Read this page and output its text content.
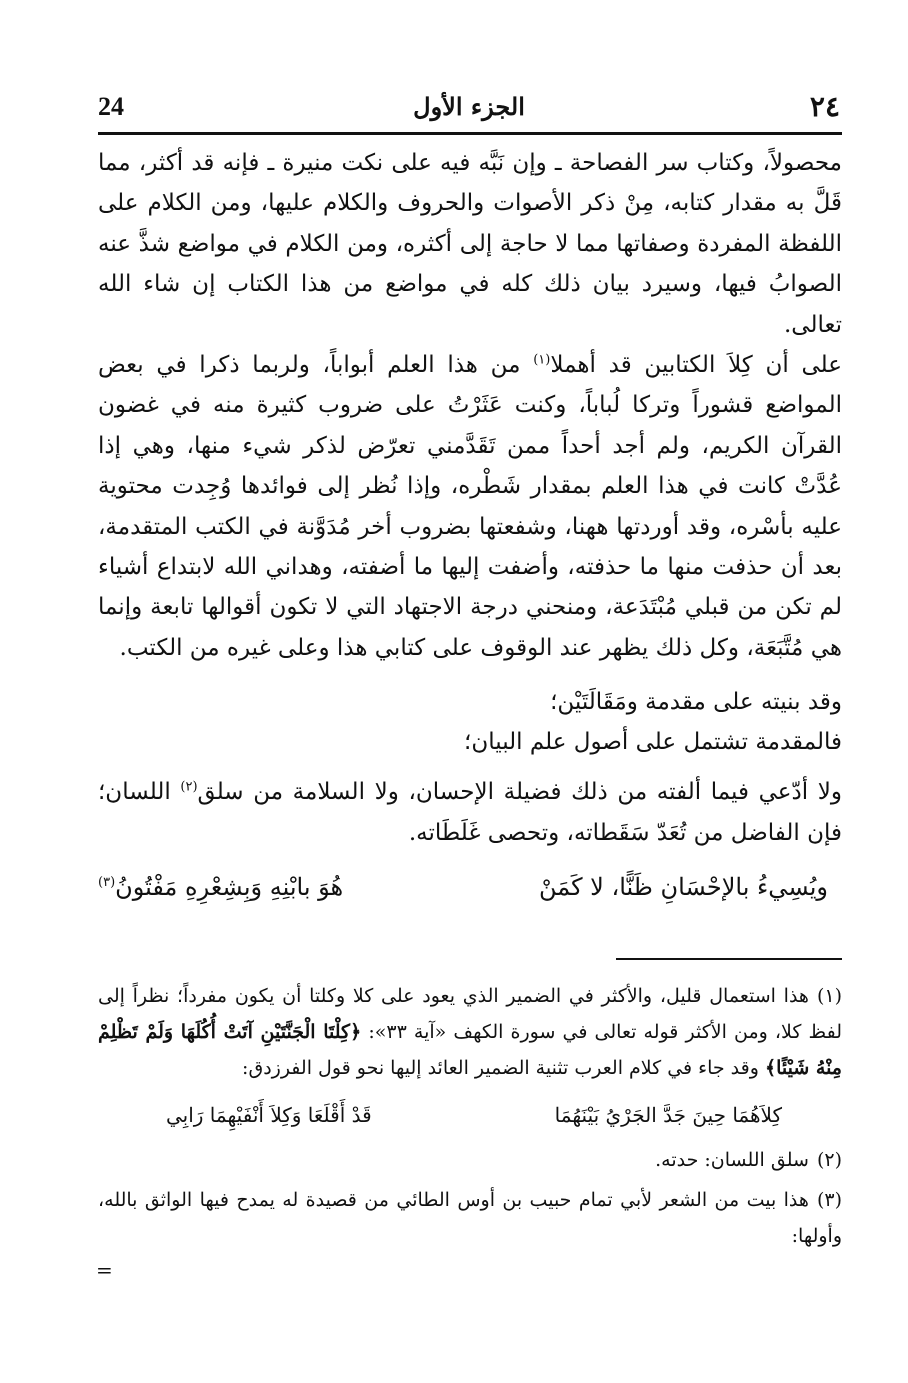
٢٤
الجزء الأول
24

محصولاً، وكتاب سر الفصاحة ـ وإن نَبَّه فيه على نكت منيرة ـ فإنه قد أكثر، مما قَلَّ به مقدار كتابه، مِنْ ذكر الأصوات والحروف والكلام عليها، ومن الكلام على اللفظة المفردة وصفاتها مما لا حاجة إلى أكثره، ومن الكلام في مواضع شذَّ عنه الصوابُ فيها، وسيرد بيان ذلك كله في مواضع من هذا الكتاب إن شاء الله تعالى.

على أن كِلاَ الكتابين قد أهملا$^{(١)}$ من هذا العلم أبواباً، ولربما ذكرا في بعض المواضع قشوراً وتركا لُباباً، وكنت عَثَرْتُ على ضروب كثيرة منه في غضون القرآن الكريم، ولم أجد أحداً ممن تَقَدَّمني تعرّض لذكر شيء منها، وهي إذا عُدَّتْ كانت في هذا العلم بمقدار شَطْره، وإذا نُظر إلى فوائدها وُجِدت محتوية عليه بأسْره، وقد أوردتها ههنا، وشفعتها بضروب أخر مُدَوَّنة في الكتب المتقدمة، بعد أن حذفت منها ما حذفته، وأضفت إليها ما أضفته، وهداني الله لابتداع أشياء لم تكن من قبلي مُبْتَدَعة، ومنحني درجة الاجتهاد التي لا تكون أقوالها تابعة وإنما هي مُتَّبَعَة، وكل ذلك يظهر عند الوقوف على كتابي هذا وعلى غيره من الكتب.

وقد بنيته على مقدمة ومَقَالَتَيْن؛

فالمقدمة تشتمل على أصول علم البيان؛

ولا أدّعي فيما ألفته من ذلك فضيلة الإحسان، ولا السلامة من سلق$^{(٢)}$ اللسان؛ فإن الفاضل من تُعَدّ سَقَطاته، وتحصى غَلَطَاته.

ويُسِيءُ بالإحْسَانِ ظَنًّا، لا كَمَنْ
هُوَ بابْنِهِ وَبِشِعْرِهِ مَفْتُونُ$^{(٣)}$

(١)هذا استعمال قليل، والأكثر في الضمير الذي يعود على كلا وكلتا أن يكون مفرداً؛ نظراً إلى لفظ كلا، ومن الأكثر قوله تعالى في سورة الكهف «آية ٣٣»: ﴿كِلْتَا الْجَنَّتَيْنِ آتَتْ أُكُلَهَا وَلَمْ تَظْلِمْ مِنْهُ شَيْئًا﴾ وقد جاء في كلام العرب تثنية الضمير العائد إليها نحو قول الفرزدق:

كِلاَهُمَا حِينَ جَدَّ الجَرْيُ بَيْنَهُمَا
قَدْ أَقْلَعَا وَكِلاَ أَنْفَيْهِمَا رَابِي

(٢)سلق اللسان: حدته.

(٣)هذا بيت من الشعر لأبي تمام حبيب بن أوس الطائي من قصيدة له يمدح فيها الواثق بالله، وأولها:

=
